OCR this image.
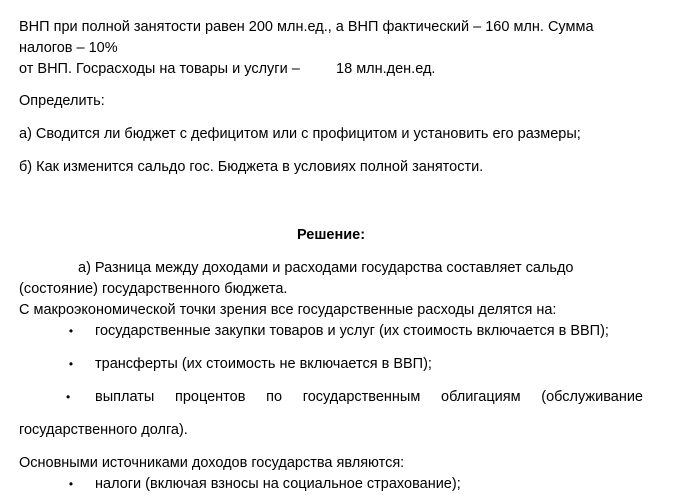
ВНП при полной занятости равен 200 млн.ед., а ВНП фактический – 160 млн. Сумма налогов – 10%

от ВНП. Госрасходы на товары и услуги –         18 млн.ден.ед.

Определить:

а) Сводится ли бюджет с дефицитом или с профицитом и установить его размеры;

б) Как изменится сальдо гос. Бюджета в условиях полной занятости.

Решение:

а) Разница между доходами и расходами государства составляет сальдо (состояние) государственного бюджета.

С макроэкономической точки зрения все государственные расходы делятся на:

• государственные закупки товаров и услуг (их стоимость включается в ВВП);
• трансферты (их стоимость не включается в ВВП);
•	выплаты процентов по государственным облигациям (обслуживание

государственного долга).

Основными источниками доходов государства являются:

• налоги (включая взносы на социальное страхование);
